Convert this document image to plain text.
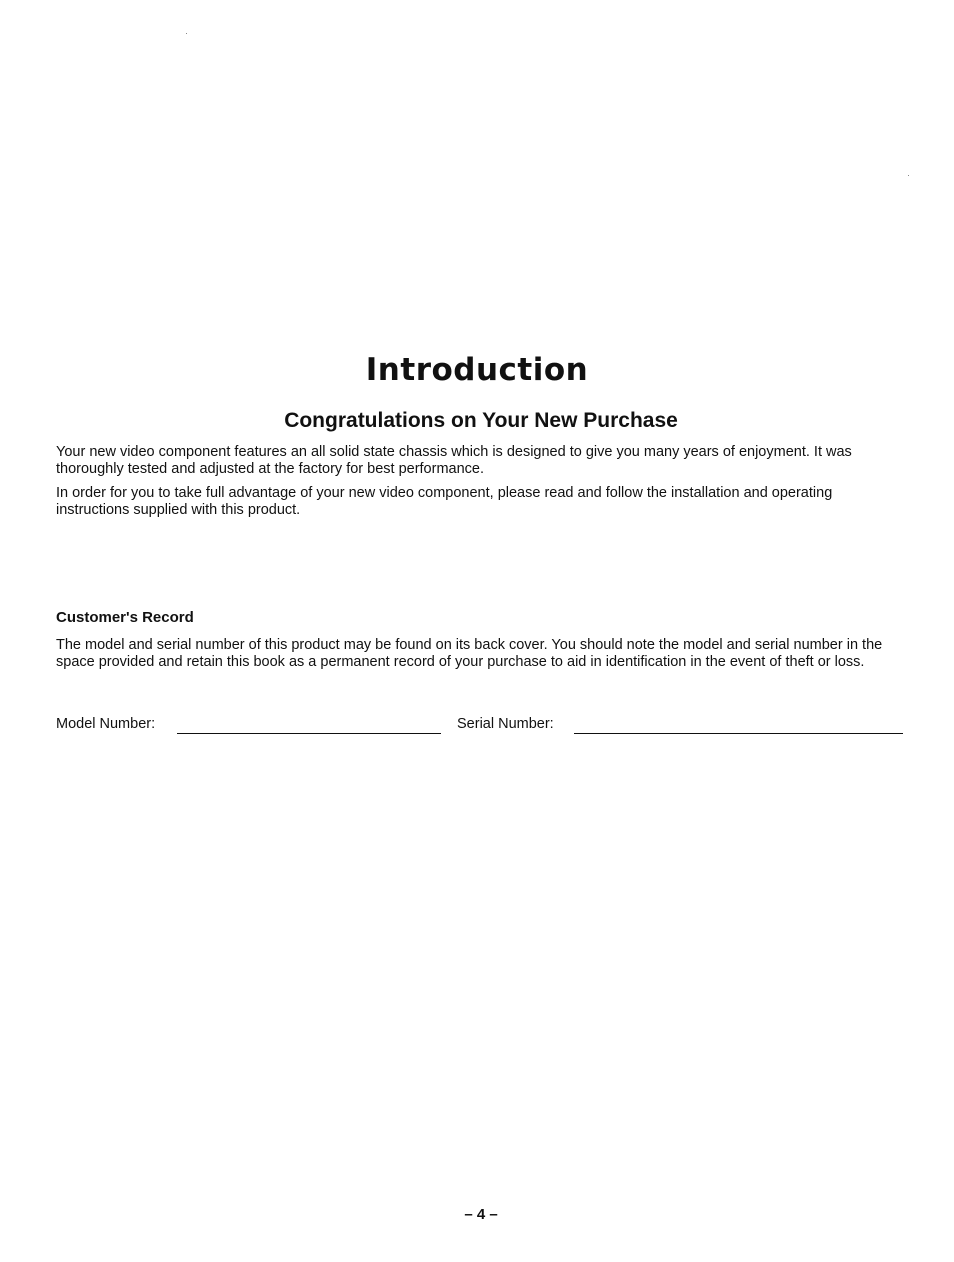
Introduction
Congratulations on Your New Purchase

Your new video component features an all solid state chassis which is designed to give you many years of enjoyment. It was thoroughly tested and adjusted at the factory for best performance.

In order for you to take full advantage of your new video component, please read and follow the installation and operating instructions supplied with this product.

Customer's Record

The model and serial number of this product may be found on its back cover. You should note the model and serial number in the space provided and retain this book as a permanent record of your purchase to aid in identification in the event of theft or loss.

Model Number:	Serial Number:
– 4 –
